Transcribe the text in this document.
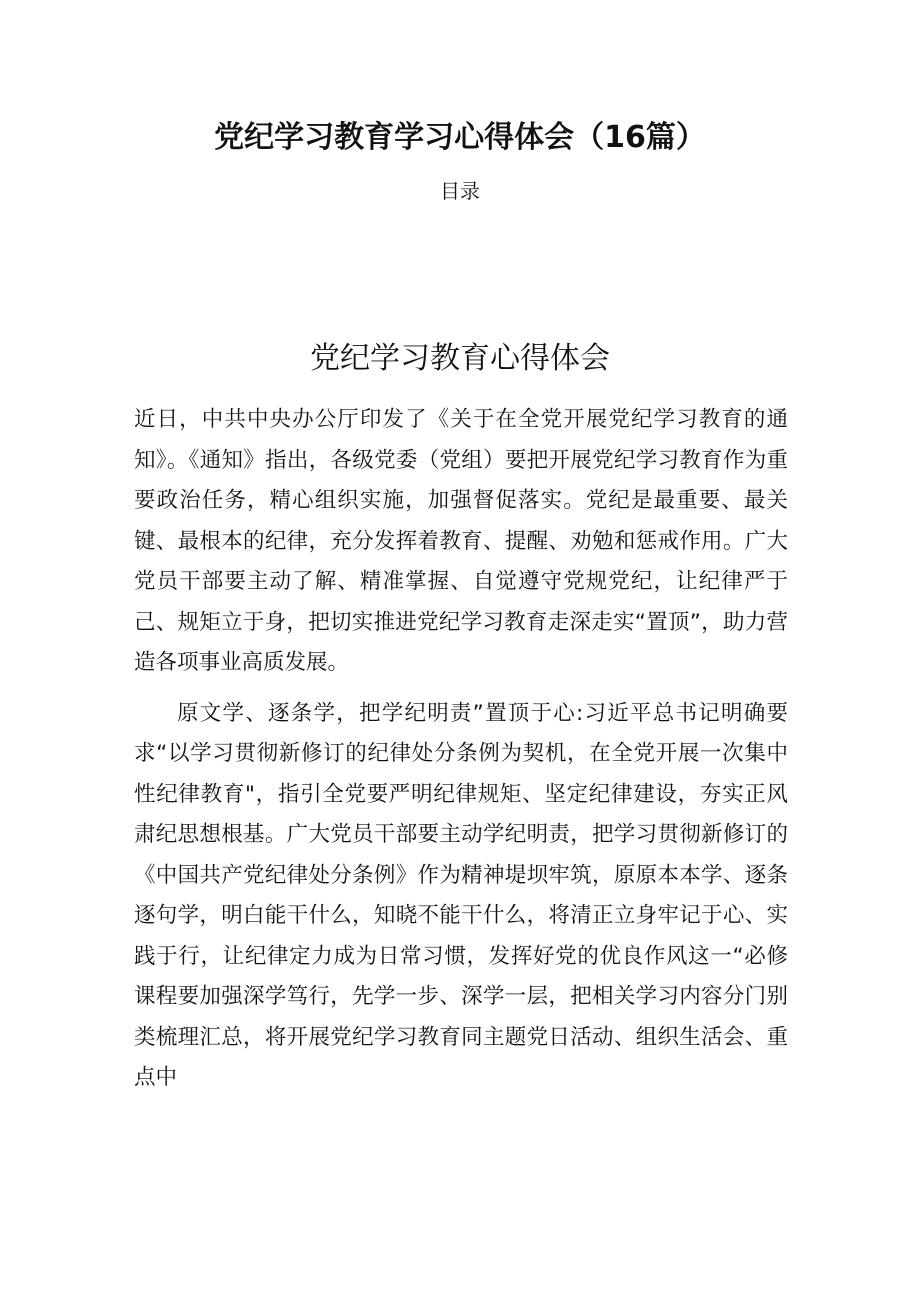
党纪学习教育学习心得体会（16篇）
目录
党纪学习教育心得体会

近日，中共中央办公厅印发了《关于在全党开展党纪学习教育的通知》。《通知》指出，各级党委（党组）要把开展党纪学习教育作为重要政治任务，精心组织实施，加强督促落实。党纪是最重要、最关键、最根本的纪律，充分发挥着教育、提醒、劝勉和惩戒作用。广大党员干部要主动了解、精准掌握、自觉遵守党规党纪，让纪律严于己、规矩立于身，把切实推进党纪学习教育走深走实“置顶”，助力营造各项事业高质发展。

原文学、逐条学，把学纪明责”置顶于心:习近平总书记明确要求“以学习贯彻新修订的纪律处分条例为契机，在全党开展一次集中性纪律教育"，指引全党要严明纪律规矩、坚定纪律建设，夯实正风肃纪思想根基。广大党员干部要主动学纪明责，把学习贯彻新修订的《中国共产党纪律处分条例》作为精神堤坝牢筑，原原本本学、逐条逐句学，明白能干什么，知晓不能干什么，将清正立身牢记于心、实践于行，让纪律定力成为日常习惯，发挥好党的优良作风这一“必修课程要加强深学笃行，先学一步、深学一层，把相关学习内容分门别类梳理汇总，将开展党纪学习教育同主题党日活动、组织生活会、重点中
